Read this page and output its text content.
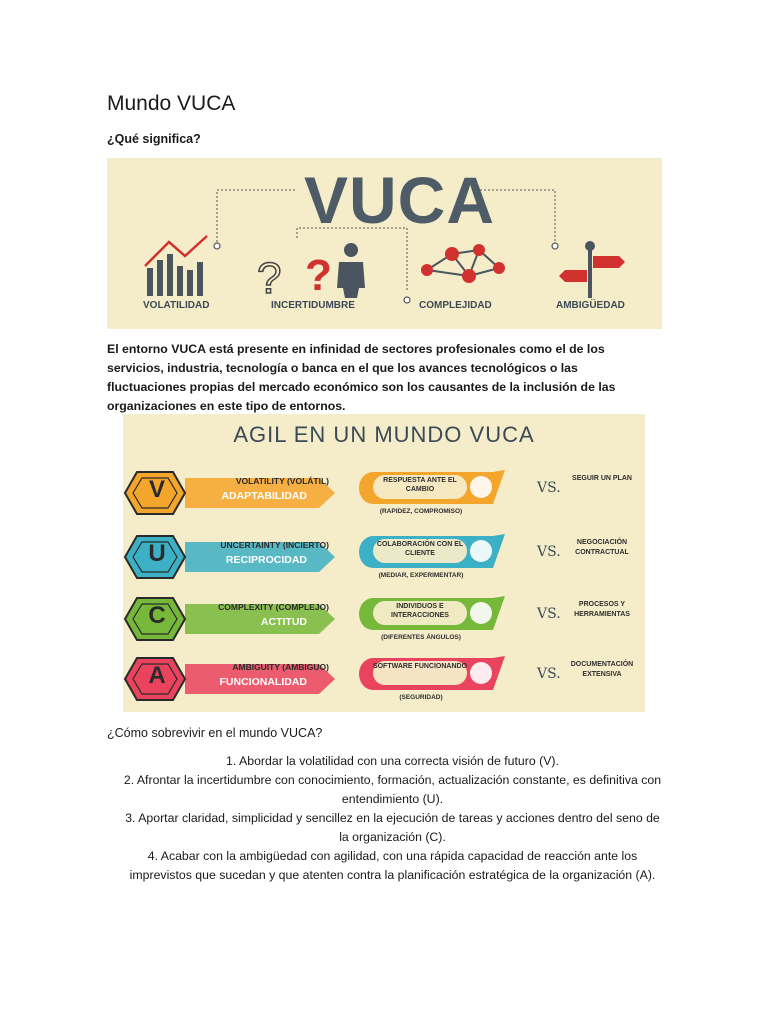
Mundo VUCA
¿Qué significa?
? ?
VUCA
VOLATILIDAD	INCERTIDUMBRE	COMPLEJIDAD	AMBIGÜEDAD
El entorno VUCA está presente en infinidad de sectores profesionales como el de los servicios, industria, tecnología o banca en el que los avances tecnológicos o las fluctuaciones propias del mercado económico son los causantes de la inclusión de las organizaciones en este tipo de entornos.
AGIL EN UN MUNDO VUCA
V	VOLATILITY (VOLÁTIL)
ADAPTABILIDAD
RESPUESTA ANTE EL CAMBIO
(RAPIDEZ, COMPROMISO)
VS.
SEGUIR UN PLAN
U	UNCERTAINTY (INCIERTO)
RECIPROCIDAD
COLABORACIÓN CON EL CLIENTE
(MEDIAR, EXPERIMENTAR)
VS.
NEGOCIACIÓN CONTRACTUAL
C	COMPLEXITY (COMPLEJO)
ACTITUD
INDIVIDUOS E INTERACCIONES
(DIFERENTES ÁNGULOS)
VS.
PROCESOS Y HERRAMIENTAS
A	AMBIGUITY (AMBIGUO)
FUNCIONALIDAD
SOFTWARE FUNCIONANDO
(SEGURIDAD)
VS.
DOCUMENTACIÓN EXTENSIVA
¿Cómo sobrevivir en el mundo VUCA?
1. Abordar la volatilidad con una correcta visión de futuro (V).
2. Afrontar la incertidumbre con conocimiento, formación, actualización constante, es definitiva con entendimiento (U).
3. Aportar claridad, simplicidad y sencillez en la ejecución de tareas y acciones dentro del seno de la organización (C).
4. Acabar con la ambigüedad con agilidad, con una rápida capacidad de reacción ante los imprevistos que sucedan y que atenten contra la planificación estratégica de la organización (A).
